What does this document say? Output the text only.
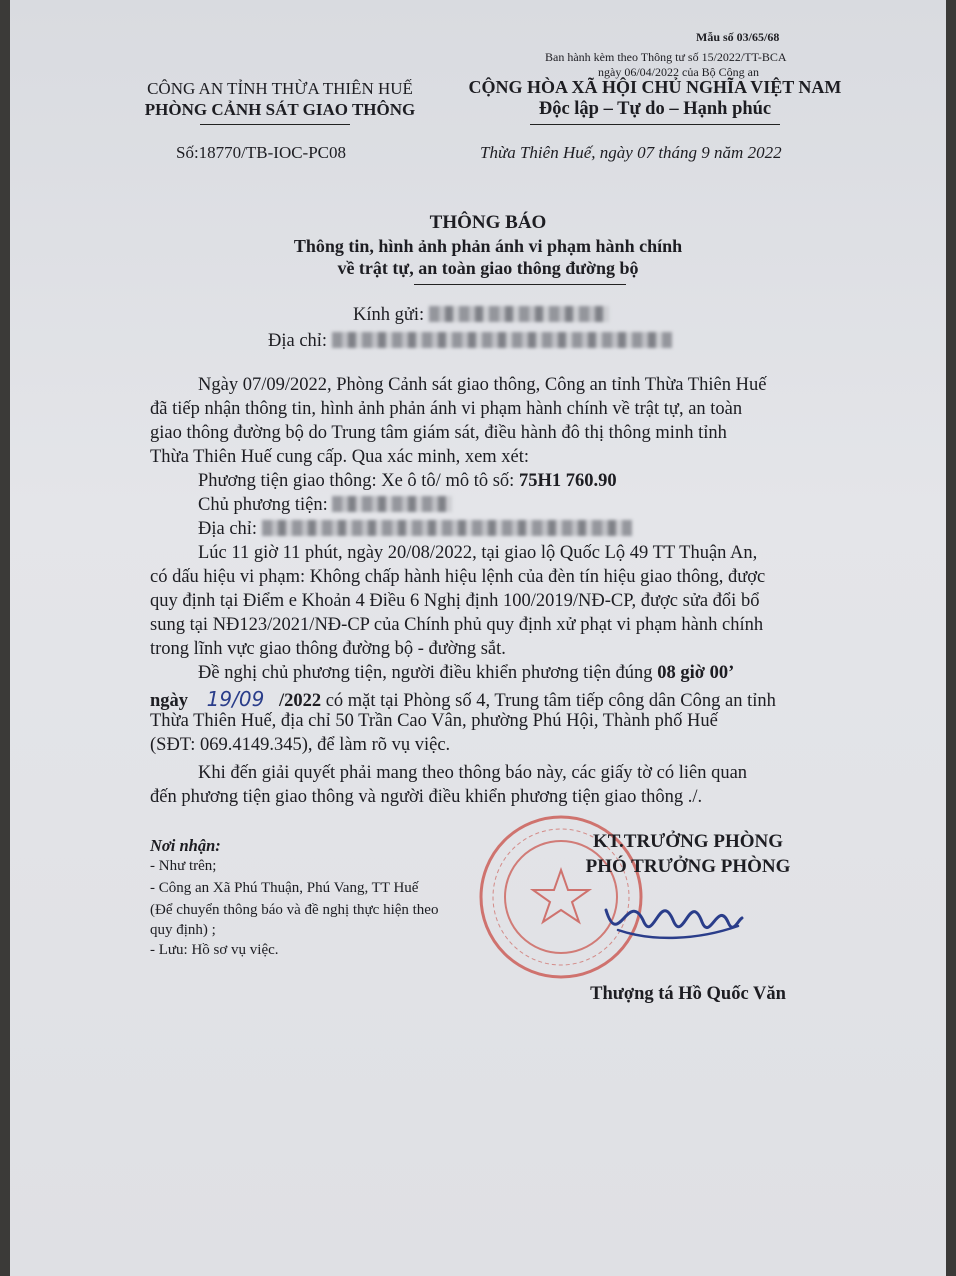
Mẫu số 03/65/68
Ban hành kèm theo Thông tư số 15/2022/TT-BCA
ngày 06/04/2022 của Bộ Công an
CÔNG AN TỈNH THỪA THIÊN HUẾ
PHÒNG CẢNH SÁT GIAO THÔNG
CỘNG HÒA XÃ HỘI CHỦ NGHĨA VIỆT NAM
Độc lập – Tự do – Hạnh phúc
Số:18770/TB-IOC-PC08	Thừa Thiên Huế, ngày 07 tháng 9 năm 2022
THÔNG BÁO
Thông tin, hình ảnh phản ánh vi phạm hành chính
về trật tự, an toàn giao thông đường bộ
Kính gửi:
Địa chỉ:
Ngày 07/09/2022, Phòng Cảnh sát giao thông, Công an tỉnh Thừa Thiên Huế
đã tiếp nhận thông tin, hình ảnh phản ánh vi phạm hành chính về trật tự, an toàn
giao thông đường bộ do Trung tâm giám sát, điều hành đô thị thông minh tỉnh
Thừa Thiên Huế cung cấp. Qua xác minh, xem xét:
Phương tiện giao thông: Xe ô tô/ mô tô số: 75H1 760.90
Chủ phương tiện:
Địa chỉ:
Lúc 11 giờ 11 phút, ngày 20/08/2022, tại giao lộ Quốc Lộ 49 TT Thuận An,
có dấu hiệu vi phạm: Không chấp hành hiệu lệnh của đèn tín hiệu giao thông, được
quy định tại Điểm e Khoản 4 Điều 6 Nghị định 100/2019/NĐ-CP, được sửa đổi bổ
sung tại NĐ123/2021/NĐ-CP của Chính phủ quy định xử phạt vi phạm hành chính
trong lĩnh vực giao thông đường bộ - đường sắt.
Đề nghị chủ phương tiện, người điều khiển phương tiện đúng 08 giờ 00’
ngày 19/09 /2022 có mặt tại Phòng số 4, Trung tâm tiếp công dân Công an tỉnh
Thừa Thiên Huế, địa chỉ 50 Trần Cao Vân, phường Phú Hội, Thành phố Huế
(SĐT: 069.4149.345), để làm rõ vụ việc.
Khi đến giải quyết phải mang theo thông báo này, các giấy tờ có liên quan
đến phương tiện giao thông và người điều khiển phương tiện giao thông ./.
Nơi nhận:
- Như trên;
- Công an Xã Phú Thuận, Phú Vang, TT Huế
(Để chuyển thông báo và đề nghị thực hiện theo
quy định) ;
- Lưu: Hồ sơ vụ việc.
KT.TRƯỞNG PHÒNG
PHÓ TRƯỞNG PHÒNG
Thượng tá Hồ Quốc Văn
